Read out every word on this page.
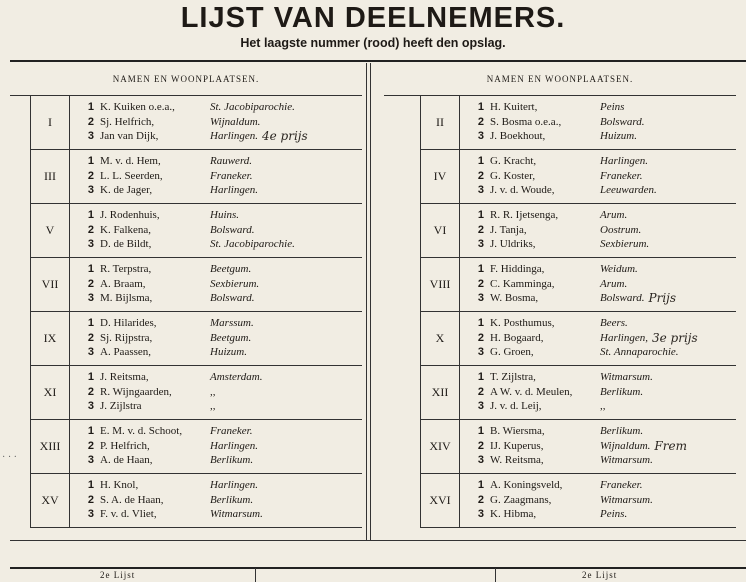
LIJST VAN DEELNEMERS.

Het laagste nummer (rood) heeft den opslag.

NAMEN EN WOONPLAATSEN.
I
1 K. Kuiken o.e.a.,	St. Jacobiparochie.
2 Sj. Helfrich,	Wijnaldum.
3 Jan van Dijk,	Harlingen. 4e prijs
III
1 M. v. d. Hem,	Rauwerd.
2 L. L. Seerden,	Franeker.
3 K. de Jager,	Harlingen.
V
1 J. Rodenhuis,	Huins.
2 K. Falkena,	Bolsward.
3 D. de Bildt,	St. Jacobiparochie.
VII
1 R. Terpstra,	Beetgum.
2 A. Braam,	Sexbierum.
3 M. Bijlsma,	Bolsward.
IX
1 D. Hilarides,	Marssum.
2 Sj. Rijpstra,	Beetgum.
3 A. Paassen,	Huizum.
XI
1 J. Reitsma,	Amsterdam.
2 R. Wijngaarden,	,,
3 J. Zijlstra	,,
XIII
1 E. M. v. d. Schoot,	Franeker.
2 P. Helfrich,	Harlingen.
3 A. de Haan,	Berlikum.
XV
1 H. Knol,	Harlingen.
2 S. A. de Haan,	Berlikum.
3 F. v. d. Vliet,	Witmarsum.
NAMEN EN WOONPLAATSEN.
II
1 H. Kuitert,	Peins
2 S. Bosma o.e.a.,	Bolsward.
3 J. Boekhout,	Huizum.
IV
1 G. Kracht,	Harlingen.
2 G. Koster,	Franeker.
3 J. v. d. Woude,	Leeuwarden.
VI
1 R. R. Ijetsenga,	Arum.
2 J. Tanja,	Oostrum.
3 J. Uldriks,	Sexbierum.
VIII
1 F. Hiddinga,	Weidum.
2 C. Kamminga,	Arum.
3 W. Bosma,	Bolsward. Prijs
X
1 K. Posthumus,	Beers.
2 H. Bogaard,	Harlingen, 3e prijs
3 G. Groen,	St. Annaparochie.
XII
1 T. Zijlstra,	Witmarsum.
2 A W. v. d. Meulen,	Berlikum.
3 J. v. d. Leij,	,,
XIV
1 B. Wiersma,	Berlikum.
2 IJ. Kuperus,	Wijnaldum. Frem
3 W. Reitsma,	Witmarsum.
XVI
1 A. Koningsveld,	Franeker.
2 G. Zaagmans,	Witmarsum.
3 K. Hibma,	Peins.
· · ·
2e Lijst	2e Lijst
